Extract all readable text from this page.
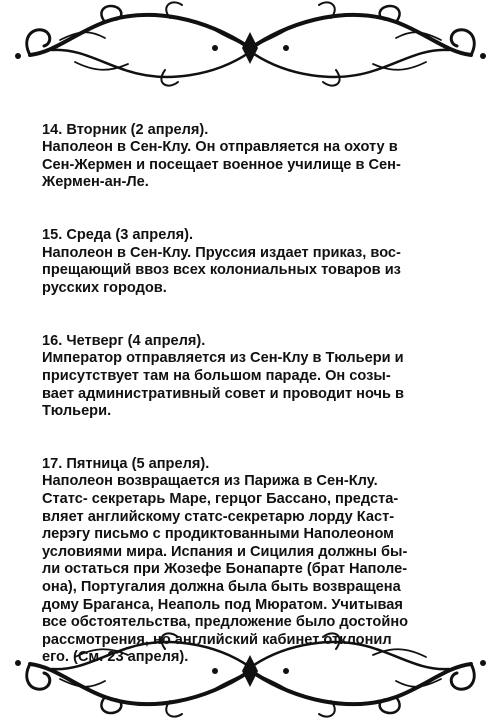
14. Вторник (2 апреля).
Наполеон в Сен-Клу. Он отправляется на охоту в
Сен-Жермен и посещает военное училище в Сен-
Жермен-ан-Ле.

15. Среда (3 апреля).
Наполеон в Сен-Клу. Пруссия издает приказ, вос-
прещающий ввоз всех колониальных товаров из
русских городов.

16. Четверг (4 апреля).
Император отправляется из Сен-Клу в Тюльери и
присутствует там на большом параде. Он созы-
вает административный совет и проводит ночь в
Тюльери.

17. Пятница (5 апреля).
Наполеон возвращается из Парижа в Сен-Клу.
Статс- секретарь Маре, герцог Бассано, предста-
вляет английскому статс-секретарю лорду Каст-
лерэгу письмо с продиктованными Наполеоном
условиями мира. Испания и Сицилия должны бы-
ли остаться при Жозефе Бонапарте (брат Наполе-
она), Португалия должна была быть возвращена
дому Браганса, Неаполь под Мюратом. Учитывая
все обстоятельства, предложение было достойно
рассмотрения, но английский кабинет отклонил
его. (См. 23 апреля).
